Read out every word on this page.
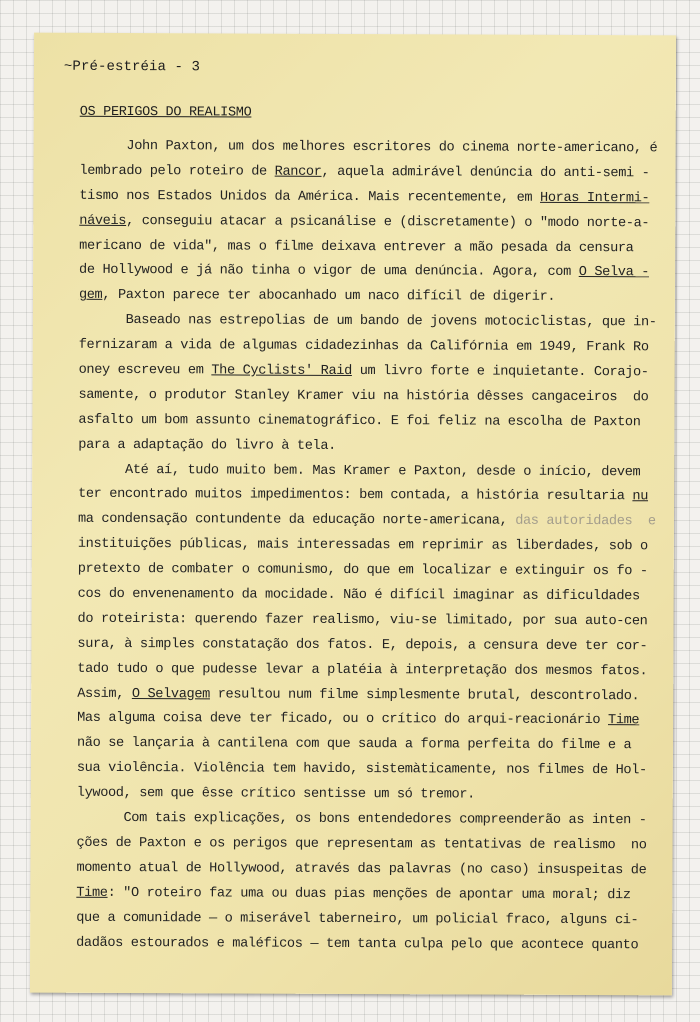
~Pré-estréia - 3
OS PERIGOS DO REALISMO
John Paxton, um dos melhores escritores do cinema norte-americano, é
lembrado pelo roteiro de Rancor, aquela admirável denúncia do anti-semi -
tismo nos Estados Unidos da América. Mais recentemente, em Horas Intermi-
náveis, conseguiu atacar a psicanálise e (discretamente) o "modo norte-a-
mericano de vida", mas o filme deixava entrever a mão pesada da censura
de Hollywood e já não tinha o vigor de uma denúncia. Agora, com O Selva -
gem, Paxton parece ter abocanhado um naco difícil de digerir.
Baseado nas estrepolias de um bando de jovens motociclistas, que in-
fernizaram a vida de algumas cidadezinhas da Califórnia em 1949, Frank Ro
oney escreveu em The Cyclists' Raid um livro forte e inquietante. Corajo-
samente, o produtor Stanley Kramer viu na história dêsses cangaceiros  do
asfalto um bom assunto cinematográfico. E foi feliz na escolha de Paxton
para a adaptação do livro à tela.
Até aí, tudo muito bem. Mas Kramer e Paxton, desde o início, devem
ter encontrado muitos impedimentos: bem contada, a história resultaria nu
ma condensação contundente da educação norte-americana, das autoridades  e
instituições públicas, mais interessadas em reprimir as liberdades, sob o
pretexto de combater o comunismo, do que em localizar e extinguir os fo -
cos do envenenamento da mocidade. Não é difícil imaginar as dificuldades
do roteirista: querendo fazer realismo, viu-se limitado, por sua auto-cen
sura, à simples constatação dos fatos. E, depois, a censura deve ter cor-
tado tudo o que pudesse levar a platéia à interpretação dos mesmos fatos.
Assim, O Selvagem resultou num filme simplesmente brutal, descontrolado.
Mas alguma coisa deve ter ficado, ou o crítico do arqui-reacionário Time
não se lançaria à cantilena com que sauda a forma perfeita do filme e a
sua violência. Violência tem havido, sistemàticamente, nos filmes de Hol-
lywood, sem que êsse crítico sentisse um só tremor.
Com tais explicações, os bons entendedores compreenderão as inten -
ções de Paxton e os perigos que representam as tentativas de realismo  no
momento atual de Hollywood, através das palavras (no caso) insuspeitas de
Time: "O roteiro faz uma ou duas pias menções de apontar uma moral; diz
que a comunidade — o miserável taberneiro, um policial fraco, alguns ci-
dadãos estourados e maléficos — tem tanta culpa pelo que acontece quanto
